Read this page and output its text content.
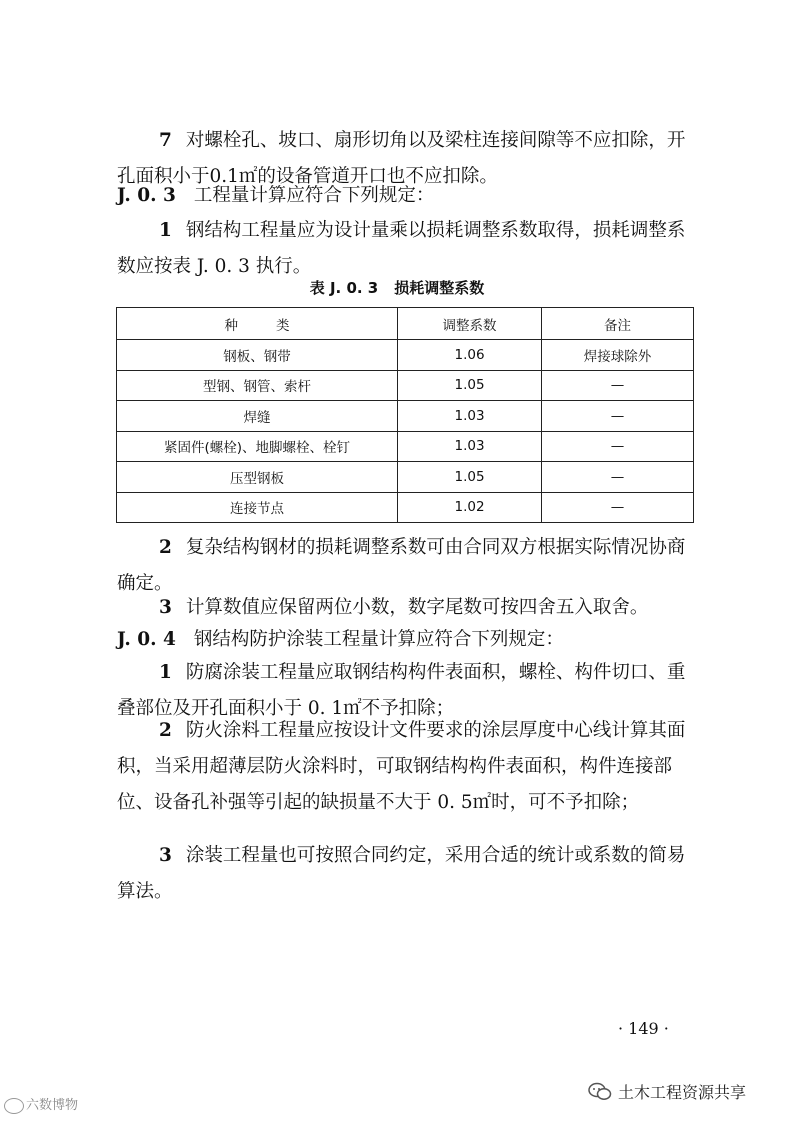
7 对螺栓孔、坡口、扇形切角以及梁柱连接间隙等不应扣除，开孔面积小于0.1㎡的设备管道开口也不应扣除。

J. 0. 3 工程量计算应符合下列规定：

1 钢结构工程量应为设计量乘以损耗调整系数取得，损耗调整系数应按表 J. 0. 3 执行。

表 J. 0. 3 损耗调整系数
种类	调整系数	备注
钢板、钢带	1.06	焊接球除外
型钢、钢管、索杆	1.05	—
焊缝	1.03	—
紧固件(螺栓)、地脚螺栓、栓钉	1.03	—
压型钢板	1.05	—
连接节点	1.02	—

2 复杂结构钢材的损耗调整系数可由合同双方根据实际情况协商确定。

3 计算数值应保留两位小数，数字尾数可按四舍五入取舍。

J. 0. 4 钢结构防护涂装工程量计算应符合下列规定：

1 防腐涂装工程量应取钢结构构件表面积，螺栓、构件切口、重叠部位及开孔面积小于 0. 1㎡不予扣除；

2 防火涂料工程量应按设计文件要求的涂层厚度中心线计算其面积，当采用超薄层防火涂料时，可取钢结构构件表面积，构件连接部位、设备孔补强等引起的缺损量不大于 0. 5㎡时，可不予扣除；

3 涂装工程量也可按照合同约定，采用合适的统计或系数的简易算法。

· 149 ·
六数博物
土木工程资源共享
